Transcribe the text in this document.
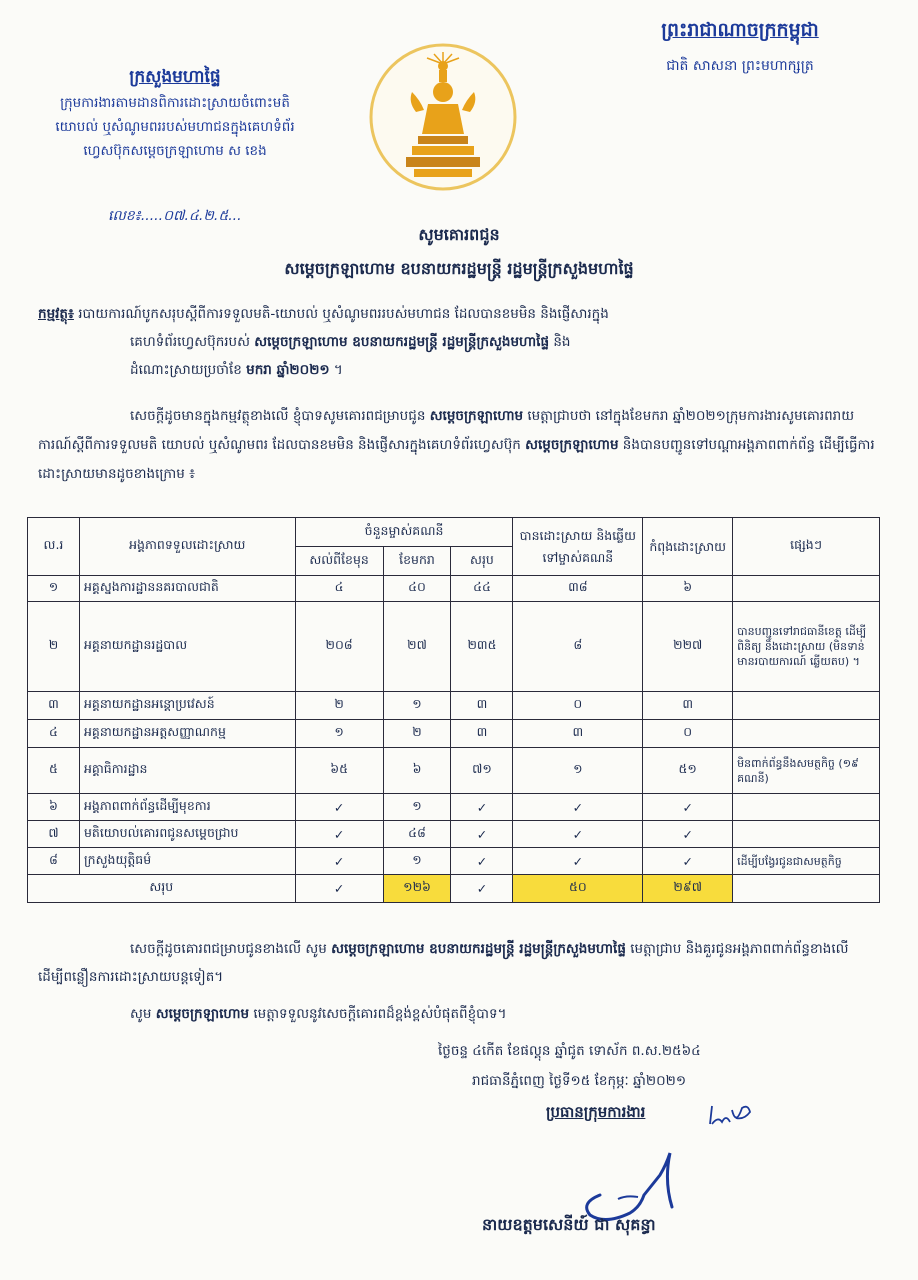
ក្រសួងមហាផ្ទៃ
ក្រុមការងារតាមដានពិការដោះស្រាយចំពោះមតិ
យោបល់ ឬសំណូមពររបស់មហាជនក្នុងគេហទំព័រ
ហ្វេសប៊ុកសម្ដេចក្រឡាហោម ស ខេង
ព្រះរាជាណាចក្រកម្ពុជា
ជាតិ សាសនា ព្រះមហាក្សត្រ
លេខ៖.....០៧.៤.២.៥...
សូមគោរពជូន
សម្ដេចក្រឡាហោម ឧបនាយករដ្ឋមន្ត្រី រដ្ឋមន្ត្រីក្រសួងមហាផ្ទៃ
កម្មវត្ថុ៖ របាយការណ៍បូកសរុបស្ដីពីការទទួលមតិ-យោបល់ ឬសំណូមពររបស់មហាជន ដែលបានខមមិន និងផ្ញើសារក្នុង
គេហទំព័រហ្វេសប៊ុករបស់ សម្ដេចក្រឡាហោម ឧបនាយករដ្ឋមន្ត្រី រដ្ឋមន្ត្រីក្រសួងមហាផ្ទៃ និង
ដំណោះស្រាយប្រចាំខែ មករា ឆ្នាំ២០២១ ។
សេចក្ដីដូចមានក្នុងកម្មវត្ថុខាងលើ ខ្ញុំបាទសូមគោរពជម្រាបជូន សម្ដេចក្រឡាហោម មេត្តាជ្រាបថា នៅក្នុងខែមករា ឆ្នាំ២០២១ក្រុមការងារសូមគោរពរាយការណ៍ស្ដីពីការទទួលមតិ យោបល់ ឬសំណូមពរ ដែលបានខមមិន និងផ្ញើសារក្នុងគេហទំព័រហ្វេសប៊ុក សម្ដេចក្រឡាហោម និងបានបញ្ជូនទៅបណ្ដាអង្គភាពពាក់ព័ន្ធ ដើម្បីធ្វើការដោះស្រាយមានដូចខាងក្រោម ៖
ល.រ	អង្គភាពទទួលដោះស្រាយ	ចំនួនម្ចាស់គណនី			បានដោះស្រាយ និងឆ្លើយទៅម្ចាស់គណនី	កំពុងដោះស្រាយ	ផ្សេងៗ
		សល់ពីខែមុន	ខែមករា	សរុប			
១	អគ្គស្នងការដ្ឋាននគរបាលជាតិ	៤	៤០	៤៤	៣៨	៦	
២	អគ្គនាយកដ្ឋានរដ្ឋបាល	២០៨	២៧	២៣៥	៨	២២៧	បានបញ្ជូនទៅរាជធានីខេត្ត ដើម្បីពិនិត្យ និងដោះស្រាយ (មិនទាន់មានរបាយការណ៍ ឆ្លើយតប) ។
៣	អគ្គនាយកដ្ឋានអន្តោប្រវេសន៍	២	១	៣	០	៣	
៤	អគ្គនាយកដ្ឋានអត្តសញ្ញាណកម្ម	១	២	៣	៣	០	
៥	អគ្គាធិការដ្ឋាន	៦៥	៦	៧១	១	៥១	មិនពាក់ព័ន្ធនឹងសមត្ថកិច្ច (១៩ គណនី)
៦	អង្គភាពពាក់ព័ន្ធដើម្បីមុខការ	✓	១	✓	✓	✓	
៧	មតិយោបល់គោរពជូនសម្ដេចជ្រាប	✓	៤៨	✓	✓	✓	
៨	ក្រសួងយុត្តិធម៌	✓	១	✓	✓	✓	ដើម្បីបង្វែរជូនជាសមត្ថកិច្ច
សរុប		✓	១២៦	✓	៥០	២៩៧	
សេចក្ដីដូចគោរពជម្រាបជូនខាងលើ សូម សម្ដេចក្រឡាហោម ឧបនាយករដ្ឋមន្ត្រី រដ្ឋមន្ត្រីក្រសួងមហាផ្ទៃ មេត្តាជ្រាប និងគួរជូនអង្គភាពពាក់ព័ន្ធខាងលើ ដើម្បីពន្លឿនការដោះស្រាយបន្តទៀត។
សូម សម្ដេចក្រឡាហោម មេត្តាទទួលនូវសេចក្ដីគោរពដ៏ខ្ពង់ខ្ពស់បំផុតពីខ្ញុំបាទ។
ថ្ងៃចន្ទ ៤កើត ខែផល្គុន ឆ្នាំជូត ទោស័ក ព.ស.២៥៦៤
រាជធានីភ្នំពេញ ថ្ងៃទី១៥ ខែកុម្ភៈ ឆ្នាំ២០២១
ប្រធានក្រុមការងារ
នាយឧត្តមសេនីយ៍ ជា សុគន្ធា
